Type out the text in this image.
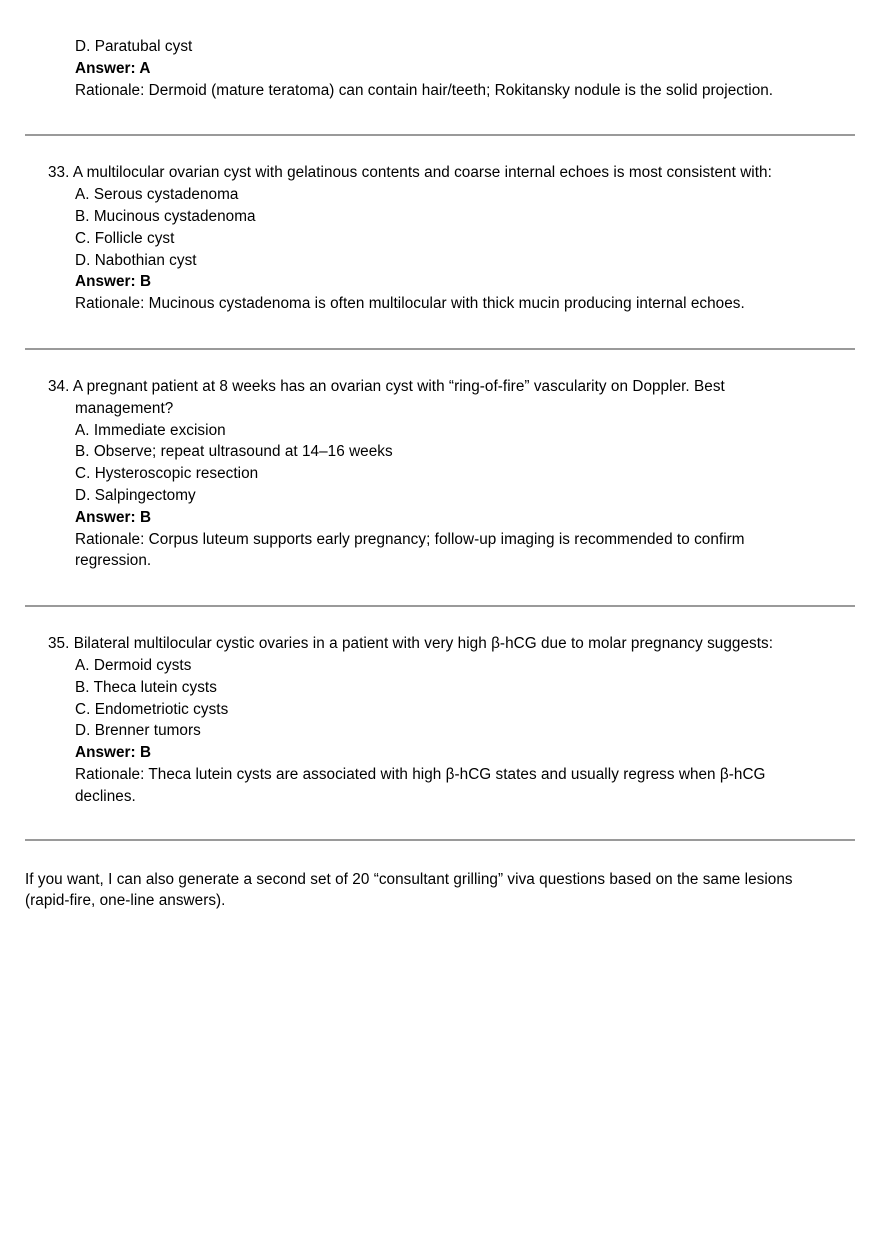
D. Paratubal cyst
Answer: A
Rationale: Dermoid (mature teratoma) can contain hair/teeth; Rokitansky nodule is the solid projection.
33. A multilocular ovarian cyst with gelatinous contents and coarse internal echoes is most consistent with:
A. Serous cystadenoma
B. Mucinous cystadenoma
C. Follicle cyst
D. Nabothian cyst
Answer: B
Rationale: Mucinous cystadenoma is often multilocular with thick mucin producing internal echoes.
34. A pregnant patient at 8 weeks has an ovarian cyst with “ring-of-fire” vascularity on Doppler. Best management?
A. Immediate excision
B. Observe; repeat ultrasound at 14–16 weeks
C. Hysteroscopic resection
D. Salpingectomy
Answer: B
Rationale: Corpus luteum supports early pregnancy; follow-up imaging is recommended to confirm regression.
35. Bilateral multilocular cystic ovaries in a patient with very high β-hCG due to molar pregnancy suggests:
A. Dermoid cysts
B. Theca lutein cysts
C. Endometriotic cysts
D. Brenner tumors
Answer: B
Rationale: Theca lutein cysts are associated with high β-hCG states and usually regress when β-hCG declines.
If you want, I can also generate a second set of 20 “consultant grilling” viva questions based on the same lesions (rapid-fire, one-line answers).
